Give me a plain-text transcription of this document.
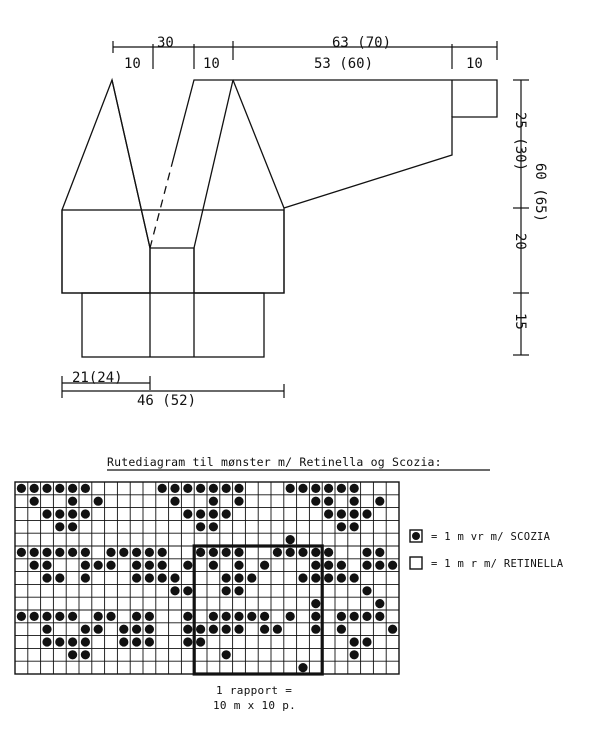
30
10	10
63 (70)
53 (60)	10
25 (30)
60 (65)
20
15
21(24)
46 (52)
Rutediagram til mønster m/ Retinella og Scozia:
= 1 m vr m/ SCOZIA
= 1 m r m/ RETINELLA
1 rapport =
10 m x 10 p.
